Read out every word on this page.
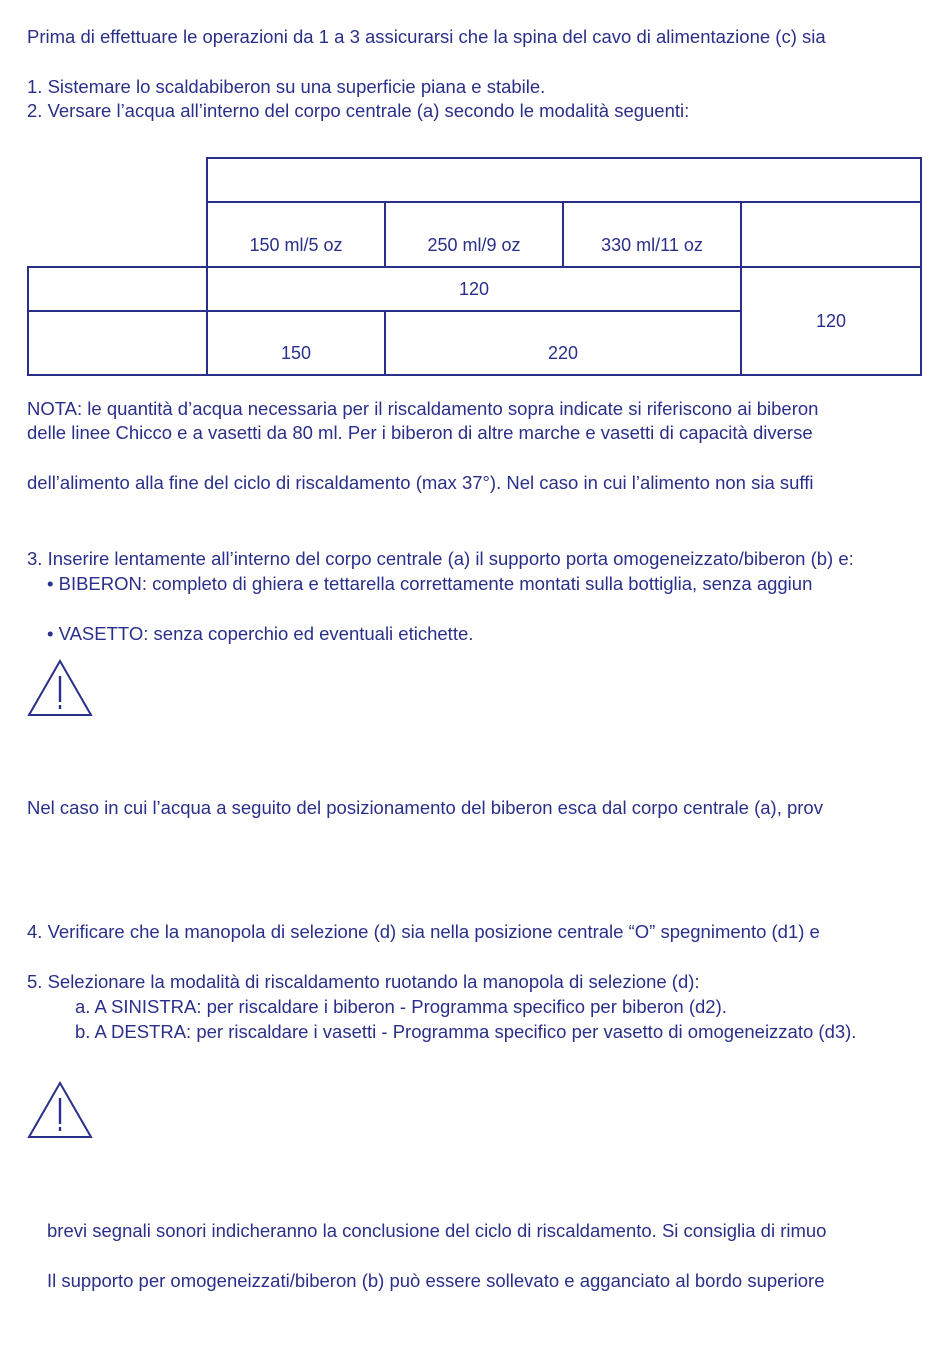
Prima di effettuare le operazioni da 1 a 3 assicurarsi che la spina del cavo di alimentazione (c) sia
1. Sistemare lo scaldabiberon su una superficie piana e stabile.
2. Versare l’acqua all’interno del corpo centrale (a) secondo le modalità seguenti:

	150 ml/5 oz	250 ml/9 oz	330 ml/11 oz	
	120			120
	150	220		
NOTA: le quantità d’acqua necessaria per il riscaldamento sopra indicate si riferiscono ai biberon
delle linee Chicco e a vasetti da 80 ml. Per i biberon di altre marche e vasetti di capacità diverse
dell’alimento alla fine del ciclo di riscaldamento (max 37°). Nel caso in cui l’alimento non sia suffi
3. Inserire lentamente all’interno del corpo centrale (a) il supporto porta omogeneizzato/biberon (b) e:
• BIBERON: completo di ghiera e tettarella correttamente montati sulla bottiglia, senza aggiun
• VASETTO: senza coperchio ed eventuali etichette.
Nel caso in cui l’acqua a seguito del posizionamento del biberon esca dal corpo centrale (a), prov
4. Verificare che la manopola di selezione (d) sia nella posizione centrale “O” spegnimento (d1) e
5. Selezionare la modalità di riscaldamento ruotando la manopola di selezione (d):
a. A SINISTRA: per riscaldare i biberon - Programma specifico per biberon (d2).
b. A DESTRA: per riscaldare i vasetti - Programma specifico per vasetto di omogeneizzato (d3).
brevi segnali sonori indicheranno la conclusione del ciclo di riscaldamento. Si consiglia di rimuo
Il supporto per omogeneizzati/biberon (b) può essere sollevato e agganciato al bordo superiore
